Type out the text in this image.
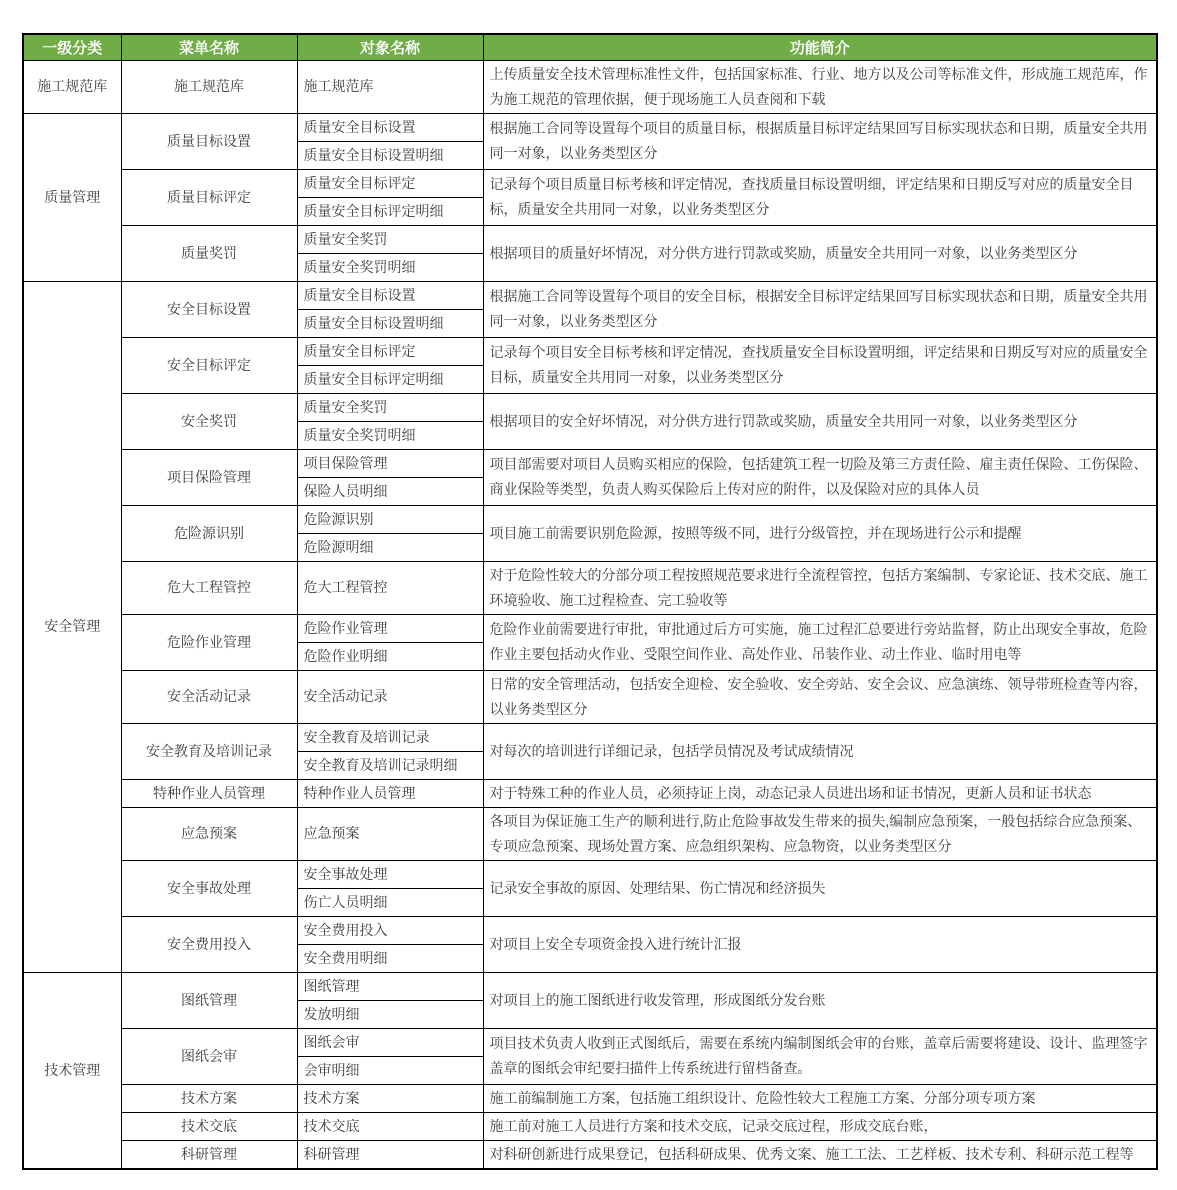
一级分类	菜单名称	对象名称	功能简介
施工规范库	施工规范库	施工规范库	上传质量安全技术管理标准性文件，包括国家标准、行业、地方以及公司等标准文件，形成施工规范库，作为施工规范的管理依据，便于现场施工人员查阅和下载
质量管理	质量目标设置	质量安全目标设置	根据施工合同等设置每个项目的质量目标，根据质量目标评定结果回写目标实现状态和日期，质量安全共用同一对象，以业务类型区分
		质量安全目标设置明细	
	质量目标评定	质量安全目标评定	记录每个项目质量目标考核和评定情况，查找质量目标设置明细，评定结果和日期反写对应的质量安全目标，质量安全共用同一对象，以业务类型区分
		质量安全目标评定明细	
	质量奖罚	质量安全奖罚	根据项目的质量好坏情况，对分供方进行罚款或奖励，质量安全共用同一对象，以业务类型区分
		质量安全奖罚明细	
安全管理	安全目标设置	质量安全目标设置	根据施工合同等设置每个项目的安全目标，根据安全目标评定结果回写目标实现状态和日期，质量安全共用同一对象，以业务类型区分
		质量安全目标设置明细	
	安全目标评定	质量安全目标评定	记录每个项目安全目标考核和评定情况，查找质量安全目标设置明细，评定结果和日期反写对应的质量安全目标，质量安全共用同一对象，以业务类型区分
		质量安全目标评定明细	
	安全奖罚	质量安全奖罚	根据项目的安全好坏情况，对分供方进行罚款或奖励，质量安全共用同一对象，以业务类型区分
		质量安全奖罚明细	
	项目保险管理	项目保险管理	项目部需要对项目人员购买相应的保险，包括建筑工程一切险及第三方责任险、雇主责任保险、工伤保险、商业保险等类型，负责人购买保险后上传对应的附件，以及保险对应的具体人员
		保险人员明细	
	危险源识别	危险源识别	项目施工前需要识别危险源，按照等级不同，进行分级管控，并在现场进行公示和提醒
		危险源明细	
	危大工程管控	危大工程管控	对于危险性较大的分部分项工程按照规范要求进行全流程管控，包括方案编制、专家论证、技术交底、施工环境验收、施工过程检查、完工验收等
	危险作业管理	危险作业管理	危险作业前需要进行审批，审批通过后方可实施，施工过程汇总要进行旁站监督，防止出现安全事故，危险作业主要包括动火作业、受限空间作业、高处作业、吊装作业、动土作业、临时用电等
		危险作业明细	
	安全活动记录	安全活动记录	日常的安全管理活动，包括安全迎检、安全验收、安全旁站、安全会议、应急演练、领导带班检查等内容，以业务类型区分
	安全教育及培训记录	安全教育及培训记录	对每次的培训进行详细记录，包括学员情况及考试成绩情况
		安全教育及培训记录明细	
	特种作业人员管理	特种作业人员管理	对于特殊工种的作业人员，必须持证上岗，动态记录人员进出场和证书情况，更新人员和证书状态
	应急预案	应急预案	各项目为保证施工生产的顺利进行,防止危险事故发生带来的损失,编制应急预案，一般包括综合应急预案、专项应急预案、现场处置方案、应急组织架构、应急物资，以业务类型区分
	安全事故处理	安全事故处理	记录安全事故的原因、处理结果、伤亡情况和经济损失
		伤亡人员明细	
	安全费用投入	安全费用投入	对项目上安全专项资金投入进行统计汇报
		安全费用明细	
技术管理	图纸管理	图纸管理	对项目上的施工图纸进行收发管理，形成图纸分发台账
		发放明细	
	图纸会审	图纸会审	项目技术负责人收到正式图纸后，需要在系统内编制图纸会审的台账，盖章后需要将建设、设计、监理签字盖章的图纸会审纪要扫描件上传系统进行留档备查。
		会审明细	
	技术方案	技术方案	施工前编制施工方案，包括施工组织设计、危险性较大工程施工方案、分部分项专项方案
	技术交底	技术交底	施工前对施工人员进行方案和技术交底，记录交底过程，形成交底台账，
	科研管理	科研管理	对科研创新进行成果登记，包括科研成果、优秀文案、施工工法、工艺样板、技术专利、科研示范工程等
